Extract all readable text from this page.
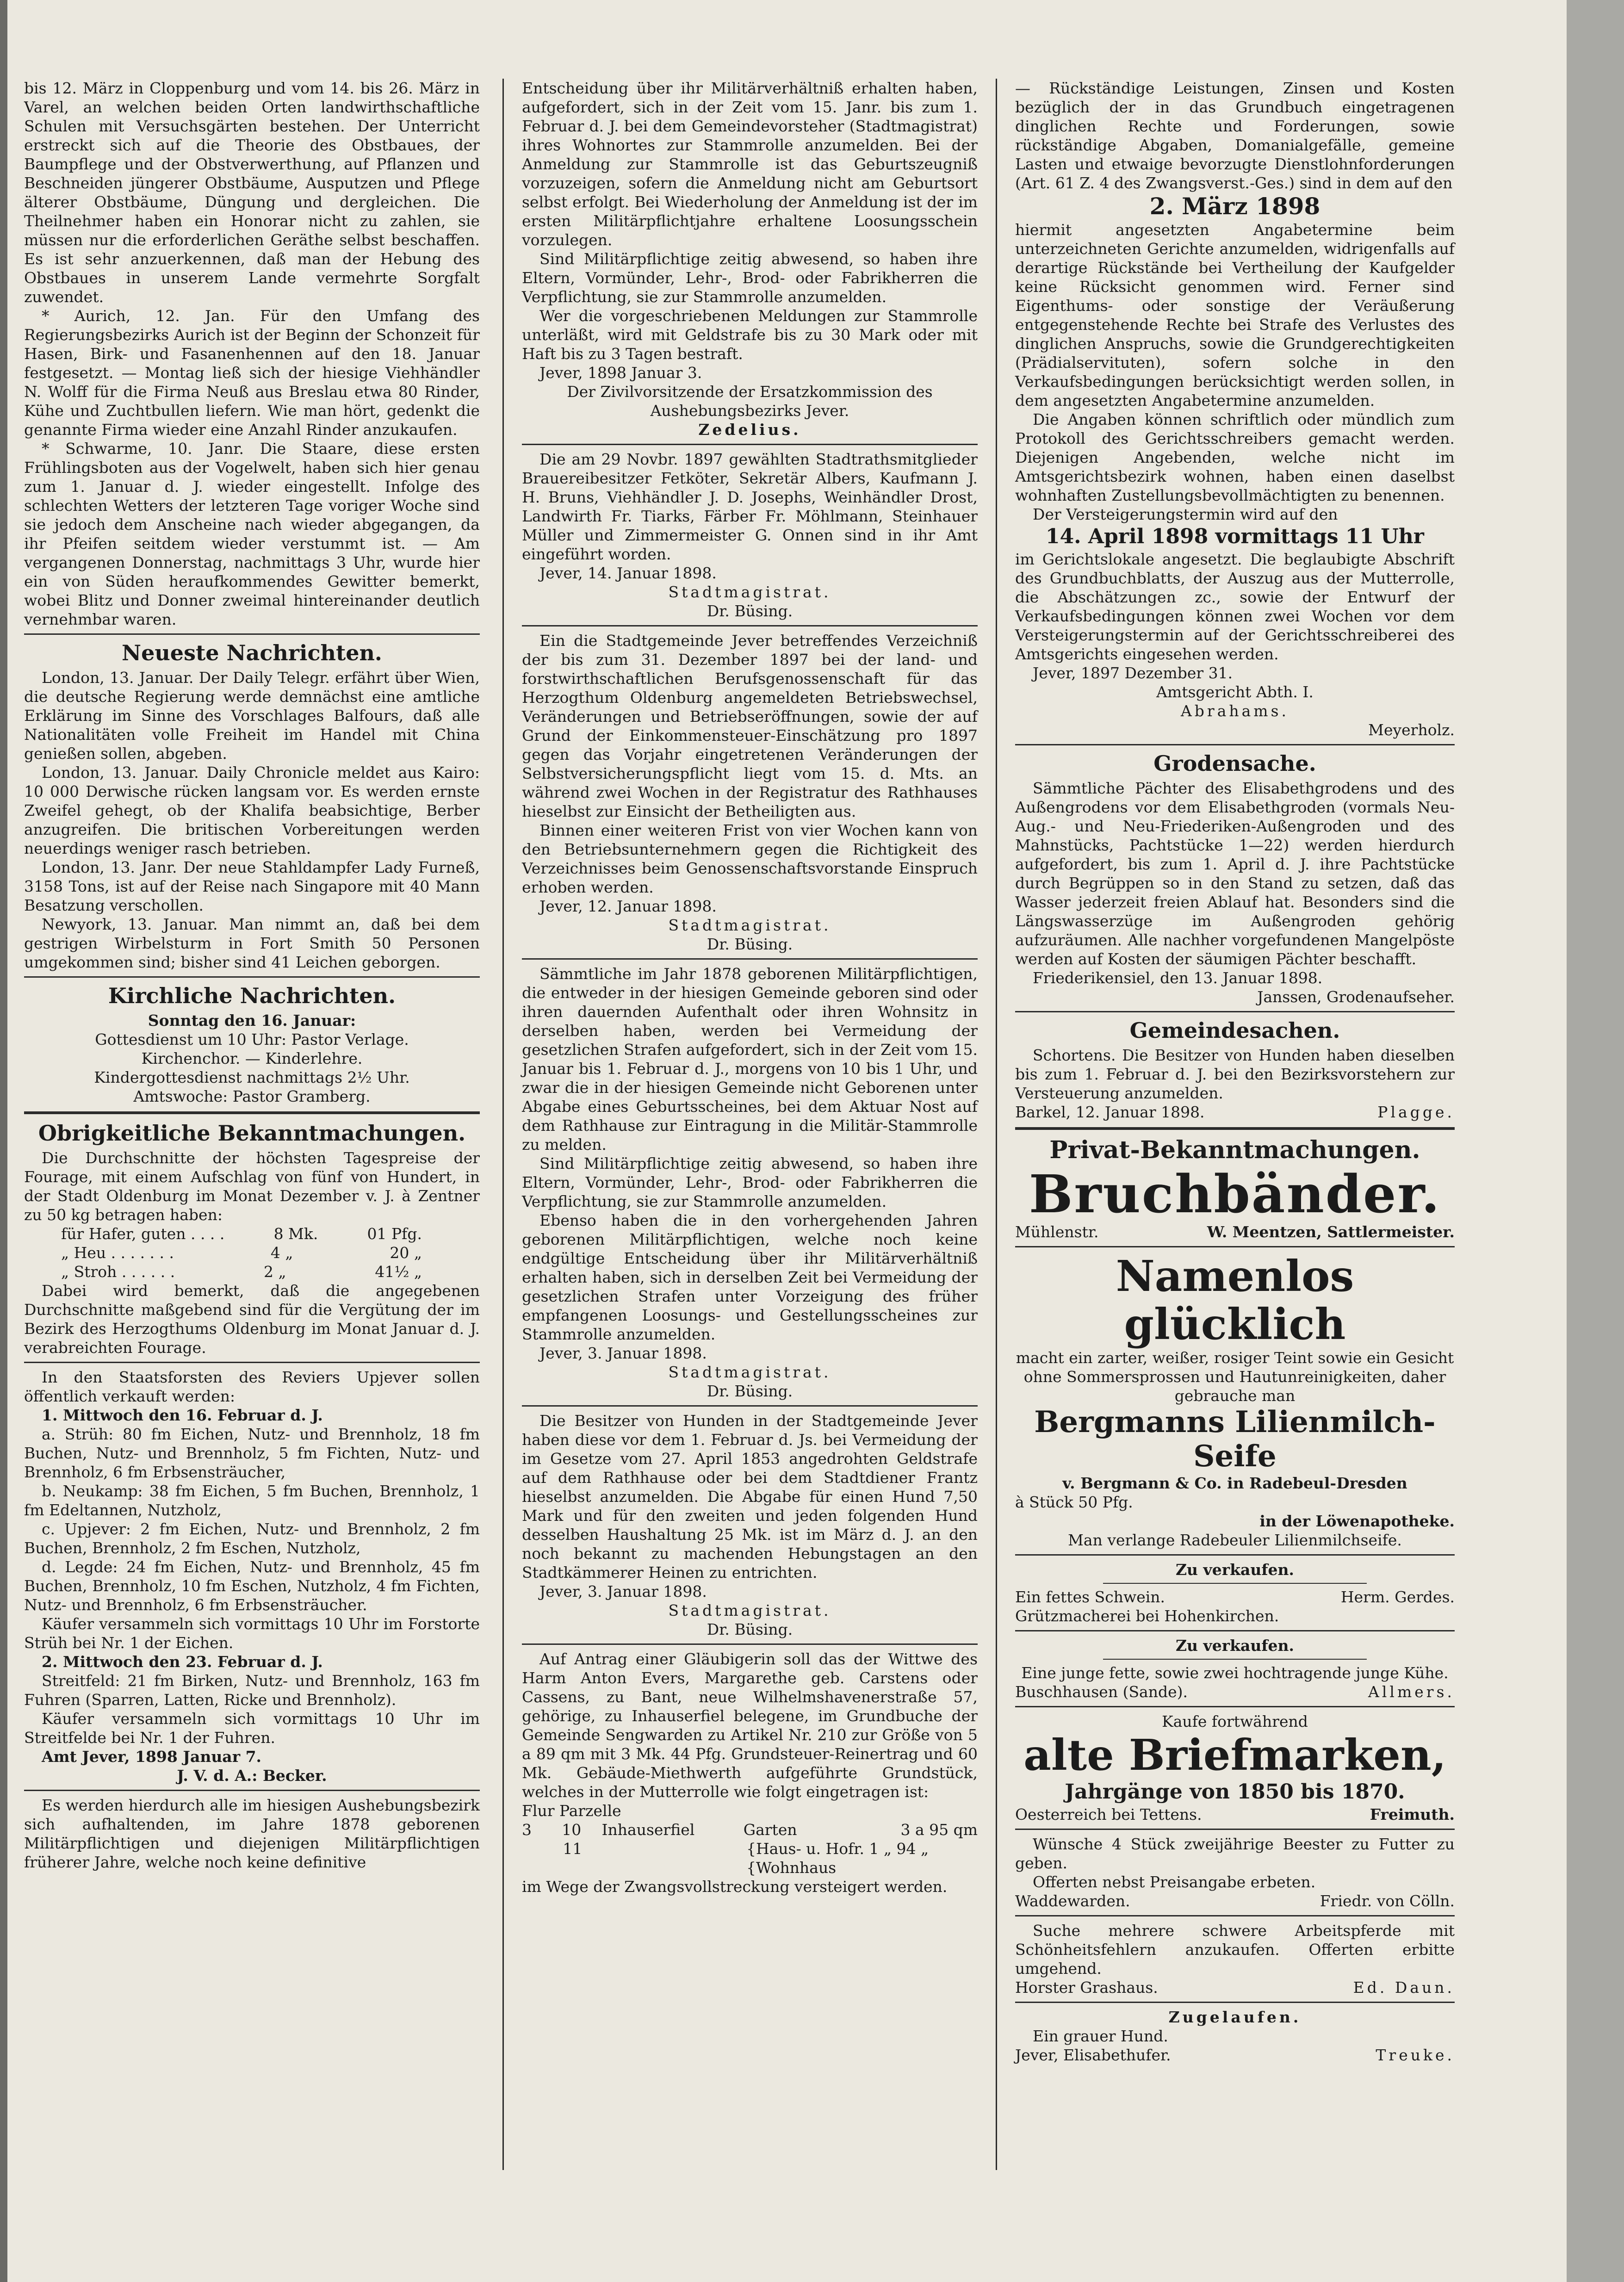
bis 12. März in Cloppenburg und vom 14. bis 26. März in Varel, an welchen beiden Orten landwirthschaftliche Schulen mit Versuchsgärten bestehen. Der Unterricht erstreckt sich auf die Theorie des Obstbaues, der Baumpflege und der Obstverwerthung, auf Pflanzen und Beschneiden jüngerer Obstbäume, Ausputzen und Pflege älterer Obstbäume, Düngung und dergleichen. Die Theilnehmer haben ein Honorar nicht zu zahlen, sie müssen nur die erforderlichen Geräthe selbst beschaffen. Es ist sehr anzuerkennen, daß man der Hebung des Obstbaues in unserem Lande vermehrte Sorgfalt zuwendet.

* Aurich, 12. Jan. Für den Umfang des Regierungsbezirks Aurich ist der Beginn der Schonzeit für Hasen, Birk- und Fasanenhennen auf den 18. Januar festgesetzt. — Montag ließ sich der hiesige Viehhändler N. Wolff für die Firma Neuß aus Breslau etwa 80 Rinder, Kühe und Zuchtbullen liefern. Wie man hört, gedenkt die genannte Firma wieder eine Anzahl Rinder anzukaufen.

* Schwarme, 10. Janr. Die Staare, diese ersten Frühlingsboten aus der Vogelwelt, haben sich hier genau zum 1. Januar d. J. wieder eingestellt. Infolge des schlechten Wetters der letzteren Tage voriger Woche sind sie jedoch dem Anscheine nach wieder abgegangen, da ihr Pfeifen seitdem wieder verstummt ist. — Am vergangenen Donnerstag, nachmittags 3 Uhr, wurde hier ein von Süden heraufkommendes Gewitter bemerkt, wobei Blitz und Donner zweimal hintereinander deutlich vernehmbar waren.

Neueste Nachrichten.

London, 13. Januar. Der Daily Telegr. erfährt über Wien, die deutsche Regierung werde demnächst eine amtliche Erklärung im Sinne des Vorschlages Balfours, daß alle Nationalitäten volle Freiheit im Handel mit China genießen sollen, abgeben.

London, 13. Januar. Daily Chronicle meldet aus Kairo: 10 000 Derwische rücken langsam vor. Es werden ernste Zweifel gehegt, ob der Khalifa beabsichtige, Berber anzugreifen. Die britischen Vorbereitungen werden neuerdings weniger rasch betrieben.

London, 13. Janr. Der neue Stahldampfer Lady Furneß, 3158 Tons, ist auf der Reise nach Singapore mit 40 Mann Besatzung verschollen.

Newyork, 13. Januar. Man nimmt an, daß bei dem gestrigen Wirbelsturm in Fort Smith 50 Personen umgekommen sind; bisher sind 41 Leichen geborgen.

Kirchliche Nachrichten.

Sonntag den 16. Januar:

Gottesdienst um 10 Uhr: Pastor Verlage.

Kirchenchor. — Kinderlehre.

Kindergottesdienst nachmittags 2½ Uhr.

Amtswoche: Pastor Gramberg.

Obrigkeitliche Bekanntmachungen.

Die Durchschnitte der höchsten Tagespreise der Fourage, mit einem Aufschlag von fünf von Hundert, in der Stadt Oldenburg im Monat Dezember v. J. à Zentner zu 50 kg betragen haben:

für Hafer, guten . . . .	8 Mk.	01 Pfg.
„ Heu . . . . . . .	4 „	20 „
„ Stroh . . . . . .	2 „	41½ „

Dabei wird bemerkt, daß die angegebenen Durchschnitte maßgebend sind für die Vergütung der im Bezirk des Herzogthums Oldenburg im Monat Januar d. J. verabreichten Fourage.

In den Staatsforsten des Reviers Upjever sollen öffentlich verkauft werden:

1. Mittwoch den 16. Februar d. J.

a. Strüh: 80 fm Eichen, Nutz- und Brennholz, 18 fm Buchen, Nutz- und Brennholz, 5 fm Fichten, Nutz- und Brennholz, 6 fm Erbsensträucher,

b. Neukamp: 38 fm Eichen, 5 fm Buchen, Brennholz, 1 fm Edeltannen, Nutzholz,

c. Upjever: 2 fm Eichen, Nutz- und Brennholz, 2 fm Buchen, Brennholz, 2 fm Eschen, Nutzholz,

d. Legde: 24 fm Eichen, Nutz- und Brennholz, 45 fm Buchen, Brennholz, 10 fm Eschen, Nutzholz, 4 fm Fichten, Nutz- und Brennholz, 6 fm Erbsensträucher.

Käufer versammeln sich vormittags 10 Uhr im Forstorte Strüh bei Nr. 1 der Eichen.

2. Mittwoch den 23. Februar d. J.

Streitfeld: 21 fm Birken, Nutz- und Brennholz, 163 fm Fuhren (Sparren, Latten, Ricke und Brennholz).

Käufer versammeln sich vormittags 10 Uhr im Streitfelde bei Nr. 1 der Fuhren.

Amt Jever, 1898 Januar 7.

J. V. d. A.: Becker.

Es werden hierdurch alle im hiesigen Aushebungsbezirk sich aufhaltenden, im Jahre 1878 geborenen Militärpflichtigen und diejenigen Militärpflichtigen früherer Jahre, welche noch keine definitive

Entscheidung über ihr Militärverhältniß erhalten haben, aufgefordert, sich in der Zeit vom 15. Janr. bis zum 1. Februar d. J. bei dem Gemeindevorsteher (Stadtmagistrat) ihres Wohnortes zur Stammrolle anzumelden. Bei der Anmeldung zur Stammrolle ist das Geburtszeugniß vorzuzeigen, sofern die Anmeldung nicht am Geburtsort selbst erfolgt. Bei Wiederholung der Anmeldung ist der im ersten Militärpflichtjahre erhaltene Loosungsschein vorzulegen.

Sind Militärpflichtige zeitig abwesend, so haben ihre Eltern, Vormünder, Lehr-, Brod- oder Fabrikherren die Verpflichtung, sie zur Stammrolle anzumelden.

Wer die vorgeschriebenen Meldungen zur Stammrolle unterläßt, wird mit Geldstrafe bis zu 30 Mark oder mit Haft bis zu 3 Tagen bestraft.

Jever, 1898 Januar 3.

Der Zivilvorsitzende der Ersatzkommission des Aushebungsbezirks Jever.

Zedelius.

Die am 29 Novbr. 1897 gewählten Stadtrathsmitglieder Brauereibesitzer Fetköter, Sekretär Albers, Kaufmann J. H. Bruns, Viehhändler J. D. Josephs, Weinhändler Drost, Landwirth Fr. Tiarks, Färber Fr. Möhlmann, Steinhauer Müller und Zimmermeister G. Onnen sind in ihr Amt eingeführt worden.

Jever, 14. Januar 1898.

Stadtmagistrat.

Dr. Büsing.

Ein die Stadtgemeinde Jever betreffendes Verzeichniß der bis zum 31. Dezember 1897 bei der land- und forstwirthschaftlichen Berufsgenossenschaft für das Herzogthum Oldenburg angemeldeten Betriebswechsel, Veränderungen und Betriebseröffnungen, sowie der auf Grund der Einkommensteuer-Einschätzung pro 1897 gegen das Vorjahr eingetretenen Veränderungen der Selbstversicherungspflicht liegt vom 15. d. Mts. an während zwei Wochen in der Registratur des Rathhauses hieselbst zur Einsicht der Betheiligten aus.

Binnen einer weiteren Frist von vier Wochen kann von den Betriebsunternehmern gegen die Richtigkeit des Verzeichnisses beim Genossenschaftsvorstande Einspruch erhoben werden.

Jever, 12. Januar 1898.

Stadtmagistrat.

Dr. Büsing.

Sämmtliche im Jahr 1878 geborenen Militärpflichtigen, die entweder in der hiesigen Gemeinde geboren sind oder ihren dauernden Aufenthalt oder ihren Wohnsitz in derselben haben, werden bei Vermeidung der gesetzlichen Strafen aufgefordert, sich in der Zeit vom 15. Januar bis 1. Februar d. J., morgens von 10 bis 1 Uhr, und zwar die in der hiesigen Gemeinde nicht Geborenen unter Abgabe eines Geburtsscheines, bei dem Aktuar Nost auf dem Rathhause zur Eintragung in die Militär-Stammrolle zu melden.

Sind Militärpflichtige zeitig abwesend, so haben ihre Eltern, Vormünder, Lehr-, Brod- oder Fabrikherren die Verpflichtung, sie zur Stammrolle anzumelden.

Ebenso haben die in den vorhergehenden Jahren geborenen Militärpflichtigen, welche noch keine endgültige Entscheidung über ihr Militärverhältniß erhalten haben, sich in derselben Zeit bei Vermeidung der gesetzlichen Strafen unter Vorzeigung des früher empfangenen Loosungs- und Gestellungsscheines zur Stammrolle anzumelden.

Jever, 3. Januar 1898.

Stadtmagistrat.

Dr. Büsing.

Die Besitzer von Hunden in der Stadtgemeinde Jever haben diese vor dem 1. Februar d. Js. bei Vermeidung der im Gesetze vom 27. April 1853 angedrohten Geldstrafe auf dem Rathhause oder bei dem Stadtdiener Frantz hieselbst anzumelden. Die Abgabe für einen Hund 7,50 Mark und für den zweiten und jeden folgenden Hund desselben Haushaltung 25 Mk. ist im März d. J. an den noch bekannt zu machenden Hebungstagen an den Stadtkämmerer Heinen zu entrichten.

Jever, 3. Januar 1898.

Stadtmagistrat.

Dr. Büsing.

Auf Antrag einer Gläubigerin soll das der Wittwe des Harm Anton Evers, Margarethe geb. Carstens oder Cassens, zu Bant, neue Wilhelmshavenerstraße 57, gehörige, zu Inhauserfiel belegene, im Grundbuche der Gemeinde Sengwarden zu Artikel Nr. 210 zur Größe von 5 a 89 qm mit 3 Mk. 44 Pfg. Grundsteuer-Reinertrag und 60 Mk. Gebäude-Miethwerth aufgeführte Grundstück, welches in der Mutterrolle wie folgt eingetragen ist:

Flur Parzelle

3	10	Inhauserfiel	Garten	3 a 95 qm
11	{Haus- u. Hofr. 1 „ 94 „
{Wohnhaus

im Wege der Zwangsvollstreckung versteigert werden.

— Rückständige Leistungen, Zinsen und Kosten bezüglich der in das Grundbuch eingetragenen dinglichen Rechte und Forderungen, sowie rückständige Abgaben, Domanialgefälle, gemeine Lasten und etwaige bevorzugte Dienstlohnforderungen (Art. 61 Z. 4 des Zwangsverst.-Ges.) sind in dem auf den

2. März 1898

hiermit angesetzten Angabetermine beim unterzeichneten Gerichte anzumelden, widrigenfalls auf derartige Rückstände bei Vertheilung der Kaufgelder keine Rücksicht genommen wird. Ferner sind Eigenthums- oder sonstige der Veräußerung entgegenstehende Rechte bei Strafe des Verlustes des dinglichen Anspruchs, sowie die Grundgerechtigkeiten (Prädialservituten), sofern solche in den Verkaufsbedingungen berücksichtigt werden sollen, in dem angesetzten Angabetermine anzumelden.

Die Angaben können schriftlich oder mündlich zum Protokoll des Gerichtsschreibers gemacht werden. Diejenigen Angebenden, welche nicht im Amtsgerichtsbezirk wohnen, haben einen daselbst wohnhaften Zustellungsbevollmächtigten zu benennen.

Der Versteigerungstermin wird auf den

14. April 1898 vormittags 11 Uhr

im Gerichtslokale angesetzt. Die beglaubigte Abschrift des Grundbuchblatts, der Auszug aus der Mutterrolle, die Abschätzungen zc., sowie der Entwurf der Verkaufsbedingungen können zwei Wochen vor dem Versteigerungstermin auf der Gerichtsschreiberei des Amtsgerichts eingesehen werden.

Jever, 1897 Dezember 31.

Amtsgericht Abth. I.

Abrahams.

Meyerholz.

Grodensache.

Sämmtliche Pächter des Elisabethgrodens und des Außengrodens vor dem Elisabethgroden (vormals Neu-Aug.- und Neu-Friederiken-Außengroden und des Mahnstücks, Pachtstücke 1—22) werden hierdurch aufgefordert, bis zum 1. April d. J. ihre Pachtstücke durch Begrüppen so in den Stand zu setzen, daß das Wasser jederzeit freien Ablauf hat. Besonders sind die Längswasserzüge im Außengroden gehörig aufzuräumen. Alle nachher vorgefundenen Mangelpöste werden auf Kosten der säumigen Pächter beschafft.

Friederikensiel, den 13. Januar 1898.

Janssen, Grodenaufseher.

Gemeindesachen.

Schortens. Die Besitzer von Hunden haben dieselben bis zum 1. Februar d. J. bei den Bezirksvorstehern zur Versteuerung anzumelden.

Barkel, 12. Januar 1898.	Plagge.
Privat-Bekanntmachungen.
Bruchbänder.
Mühlenstr.	W. Meentzen, Sattlermeister.
Namenlos glücklich

macht ein zarter, weißer, rosiger Teint sowie ein Gesicht ohne Sommersprossen und Hautunreinigkeiten, daher gebrauche man

Bergmanns Lilienmilch-Seife

v. Bergmann & Co. in Radebeul-Dresden

à Stück 50 Pfg.

in der Löwenapotheke.

Man verlange Radebeuler Lilienmilchseife.

Zu verkaufen.

Ein fettes Schwein.	Herm. Gerdes.

Grützmacherei bei Hohenkirchen.

Zu verkaufen.

Eine junge fette, sowie zwei hochtragende junge Kühe.

Buschhausen (Sande).	Allmers.

Kaufe fortwährend

alte Briefmarken,

Jahrgänge von 1850 bis 1870.

Oesterreich bei Tettens.	Freimuth.

Wünsche 4 Stück zweijährige Beester zu Futter zu geben.

Offerten nebst Preisangabe erbeten.

Waddewarden.	Friedr. von Cölln.

Suche mehrere schwere Arbeitspferde mit Schönheitsfehlern anzukaufen. Offerten erbitte umgehend.

Horster Grashaus.	Ed. Daun.

Zugelaufen.

Ein grauer Hund.

Jever, Elisabethufer.	Treuke.
